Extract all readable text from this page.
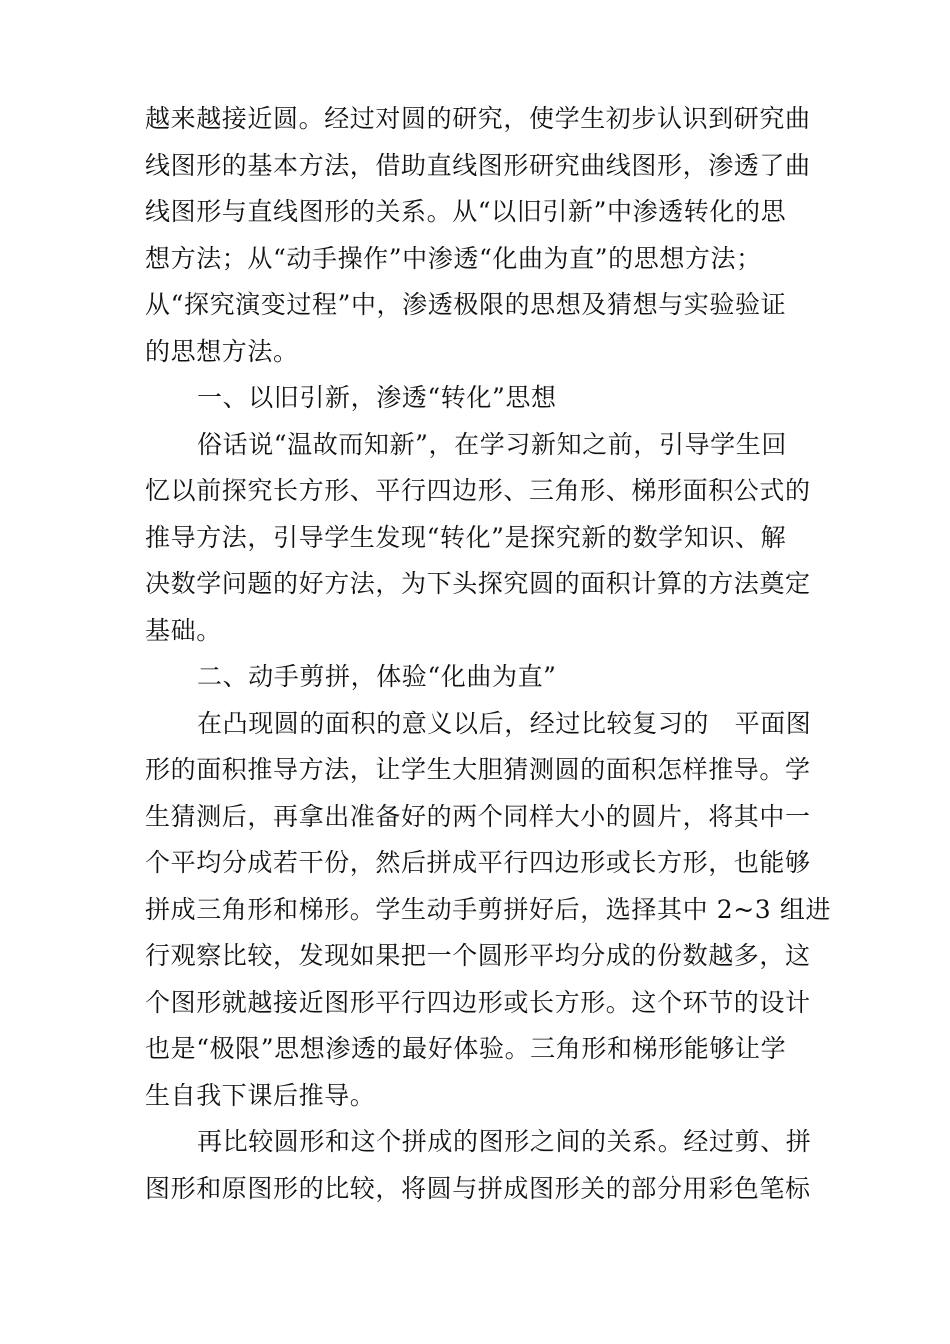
越来越接近圆。经过对圆的研究，使学生初步认识到研究曲
线图形的基本方法，借助直线图形研究曲线图形，渗透了曲
线图形与直线图形的关系。从“以旧引新”中渗透转化的思
想方法；从“动手操作”中渗透“化曲为直”的思想方法；
从“探究演变过程”中，渗透极限的思想及猜想与实验验证
的思想方法。
一、以旧引新，渗透“转化”思想
俗话说“温故而知新”，在学习新知之前，引导学生回
忆以前探究长方形、平行四边形、三角形、梯形面积公式的
推导方法，引导学生发现“转化”是探究新的数学知识、解
决数学问题的好方法，为下头探究圆的面积计算的方法奠定
基础。
二、动手剪拼，体验“化曲为直”
在凸现圆的面积的意义以后，经过比较复习的　平面图
形的面积推导方法，让学生大胆猜测圆的面积怎样推导。学
生猜测后，再拿出准备好的两个同样大小的圆片，将其中一
个平均分成若干份，然后拼成平行四边形或长方形，也能够
拼成三角形和梯形。学生动手剪拼好后，选择其中 2~3 组进
行观察比较，发现如果把一个圆形平均分成的份数越多，这
个图形就越接近图形平行四边形或长方形。这个环节的设计
也是“极限”思想渗透的最好体验。三角形和梯形能够让学
生自我下课后推导。
再比较圆形和这个拼成的图形之间的关系。经过剪、拼
图形和原图形的比较，将圆与拼成图形关的部分用彩色笔标
